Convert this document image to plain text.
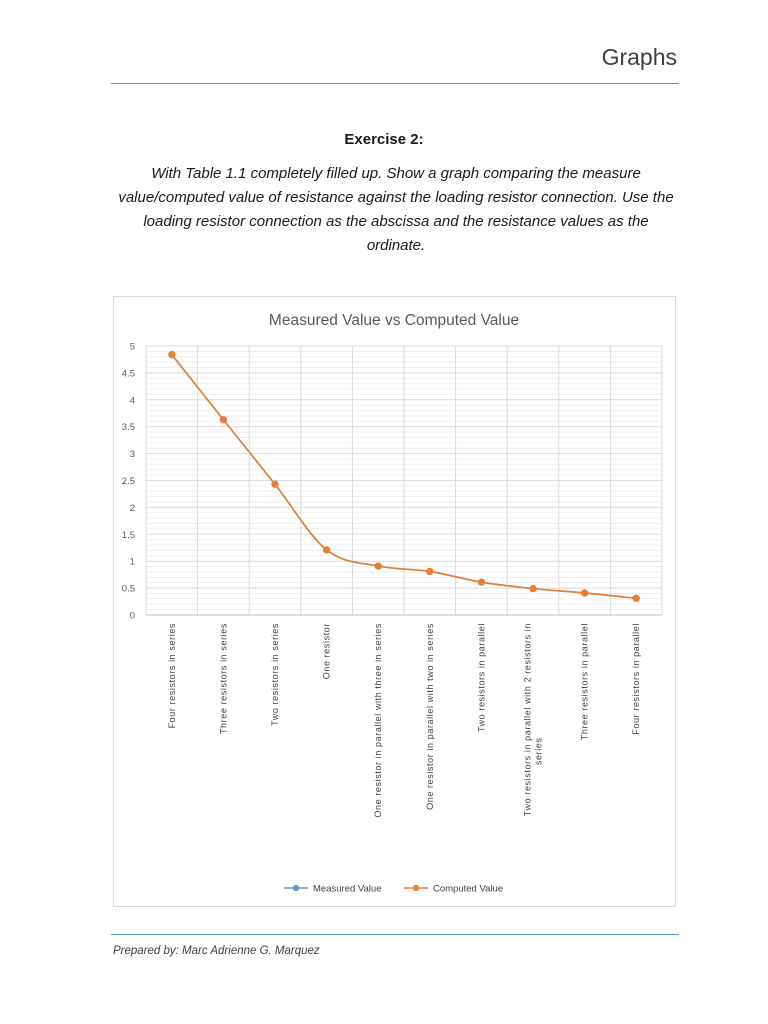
Graphs
Exercise 2:
With Table 1.1 completely filled up. Show a graph comparing the measure
value/computed value of resistance against the loading resistor connection. Use the
loading resistor connection as the abscissa and the resistance values as the
ordinate.
Measured Value vs Computed Value
0
0.5
1
1.5
2
2.5
3
3.5
4
4.5
5
Four resistors in series	Three resistors in series	Two resistors in series	One resistor	One resistor in parallel with three in series	One resistor in parallel with two in series	Two resistors in parallel	Two resistors in parallel with 2 resistors in series
Three resistors in parallel	Four resistors in parallel
Measured Value	Computed Value
Prepared by: Marc Adrienne G. Marquez
